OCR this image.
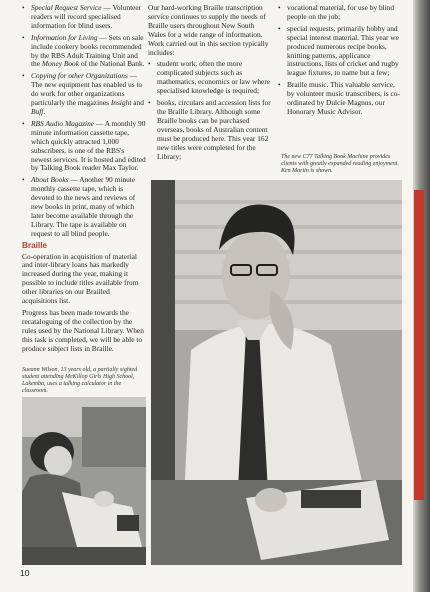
• Special Request Service — Volunteer readers will record specialised information for blind users.
• Information for Living — Sets on sale include cookery books recommended by the RBS Adult Training Unit and the Money Book of the National Bank.
• Copying for other Organizations — The new equipment has enabled us to do work for other organizations particularly the magazines Insight and Buff.
• RBS Audio Magazine — A monthly 90 minute information cassette tape, which quickly attracted 1,000 subscribers, is one of the RBS's newest services. It is hosted and edited by Talking Book reader Max Taylor.
• About Books — Another 90 minute monthly cassette tape, which is devoted to the news and reviews of new books in print, many of which later become available through the Library. The tape is available on request to all blind people.
Braille

Co-operation in acquisition of material and inter-library loans has markedly increased during the year, making it possible to include titles available from other libraries on our Brailled acquisitions list.

Progress has been made towards the recataloguing of the collection by the rules used by the National Library. When this task is completed, we will be able to produce subject lists in Braille.

Sueann Wilson, 13 years old, a partially sighted student attending McKillop Girls High School, Lakemba, uses a talking calculator in the classroom.

Our hard-working Braille transcription service continues to supply the needs of Braille users throughout New South Wales for a wide range of information. Work carried out in this section typically includes:

• student work, often the more complicated subjects such as mathematics, economics or law where specialised knowledge is required;
• books, circulars and accession lists for the Braille Library. Although some Braille books can be purchased overseas, books of Australian content must be produced here. This year 162 new titles were completed for the Library;
• vocational material, for use by blind people on the job;
• special requests, primarily hobby and special interest material. This year we produced numerous recipe books, knitting patterns, applicance instructions, lists of cricket and rugby league fixtures, to name but a few;
• Braille music. This valuable service, by volunteer music transcribers, is co-ordinated by Dulcie Magnus, our Honorary Music Advisor.
The new C77 Talking Book Machine provides clients with greatly expanded reading enjoyment. Ken Martin is shown.
10
